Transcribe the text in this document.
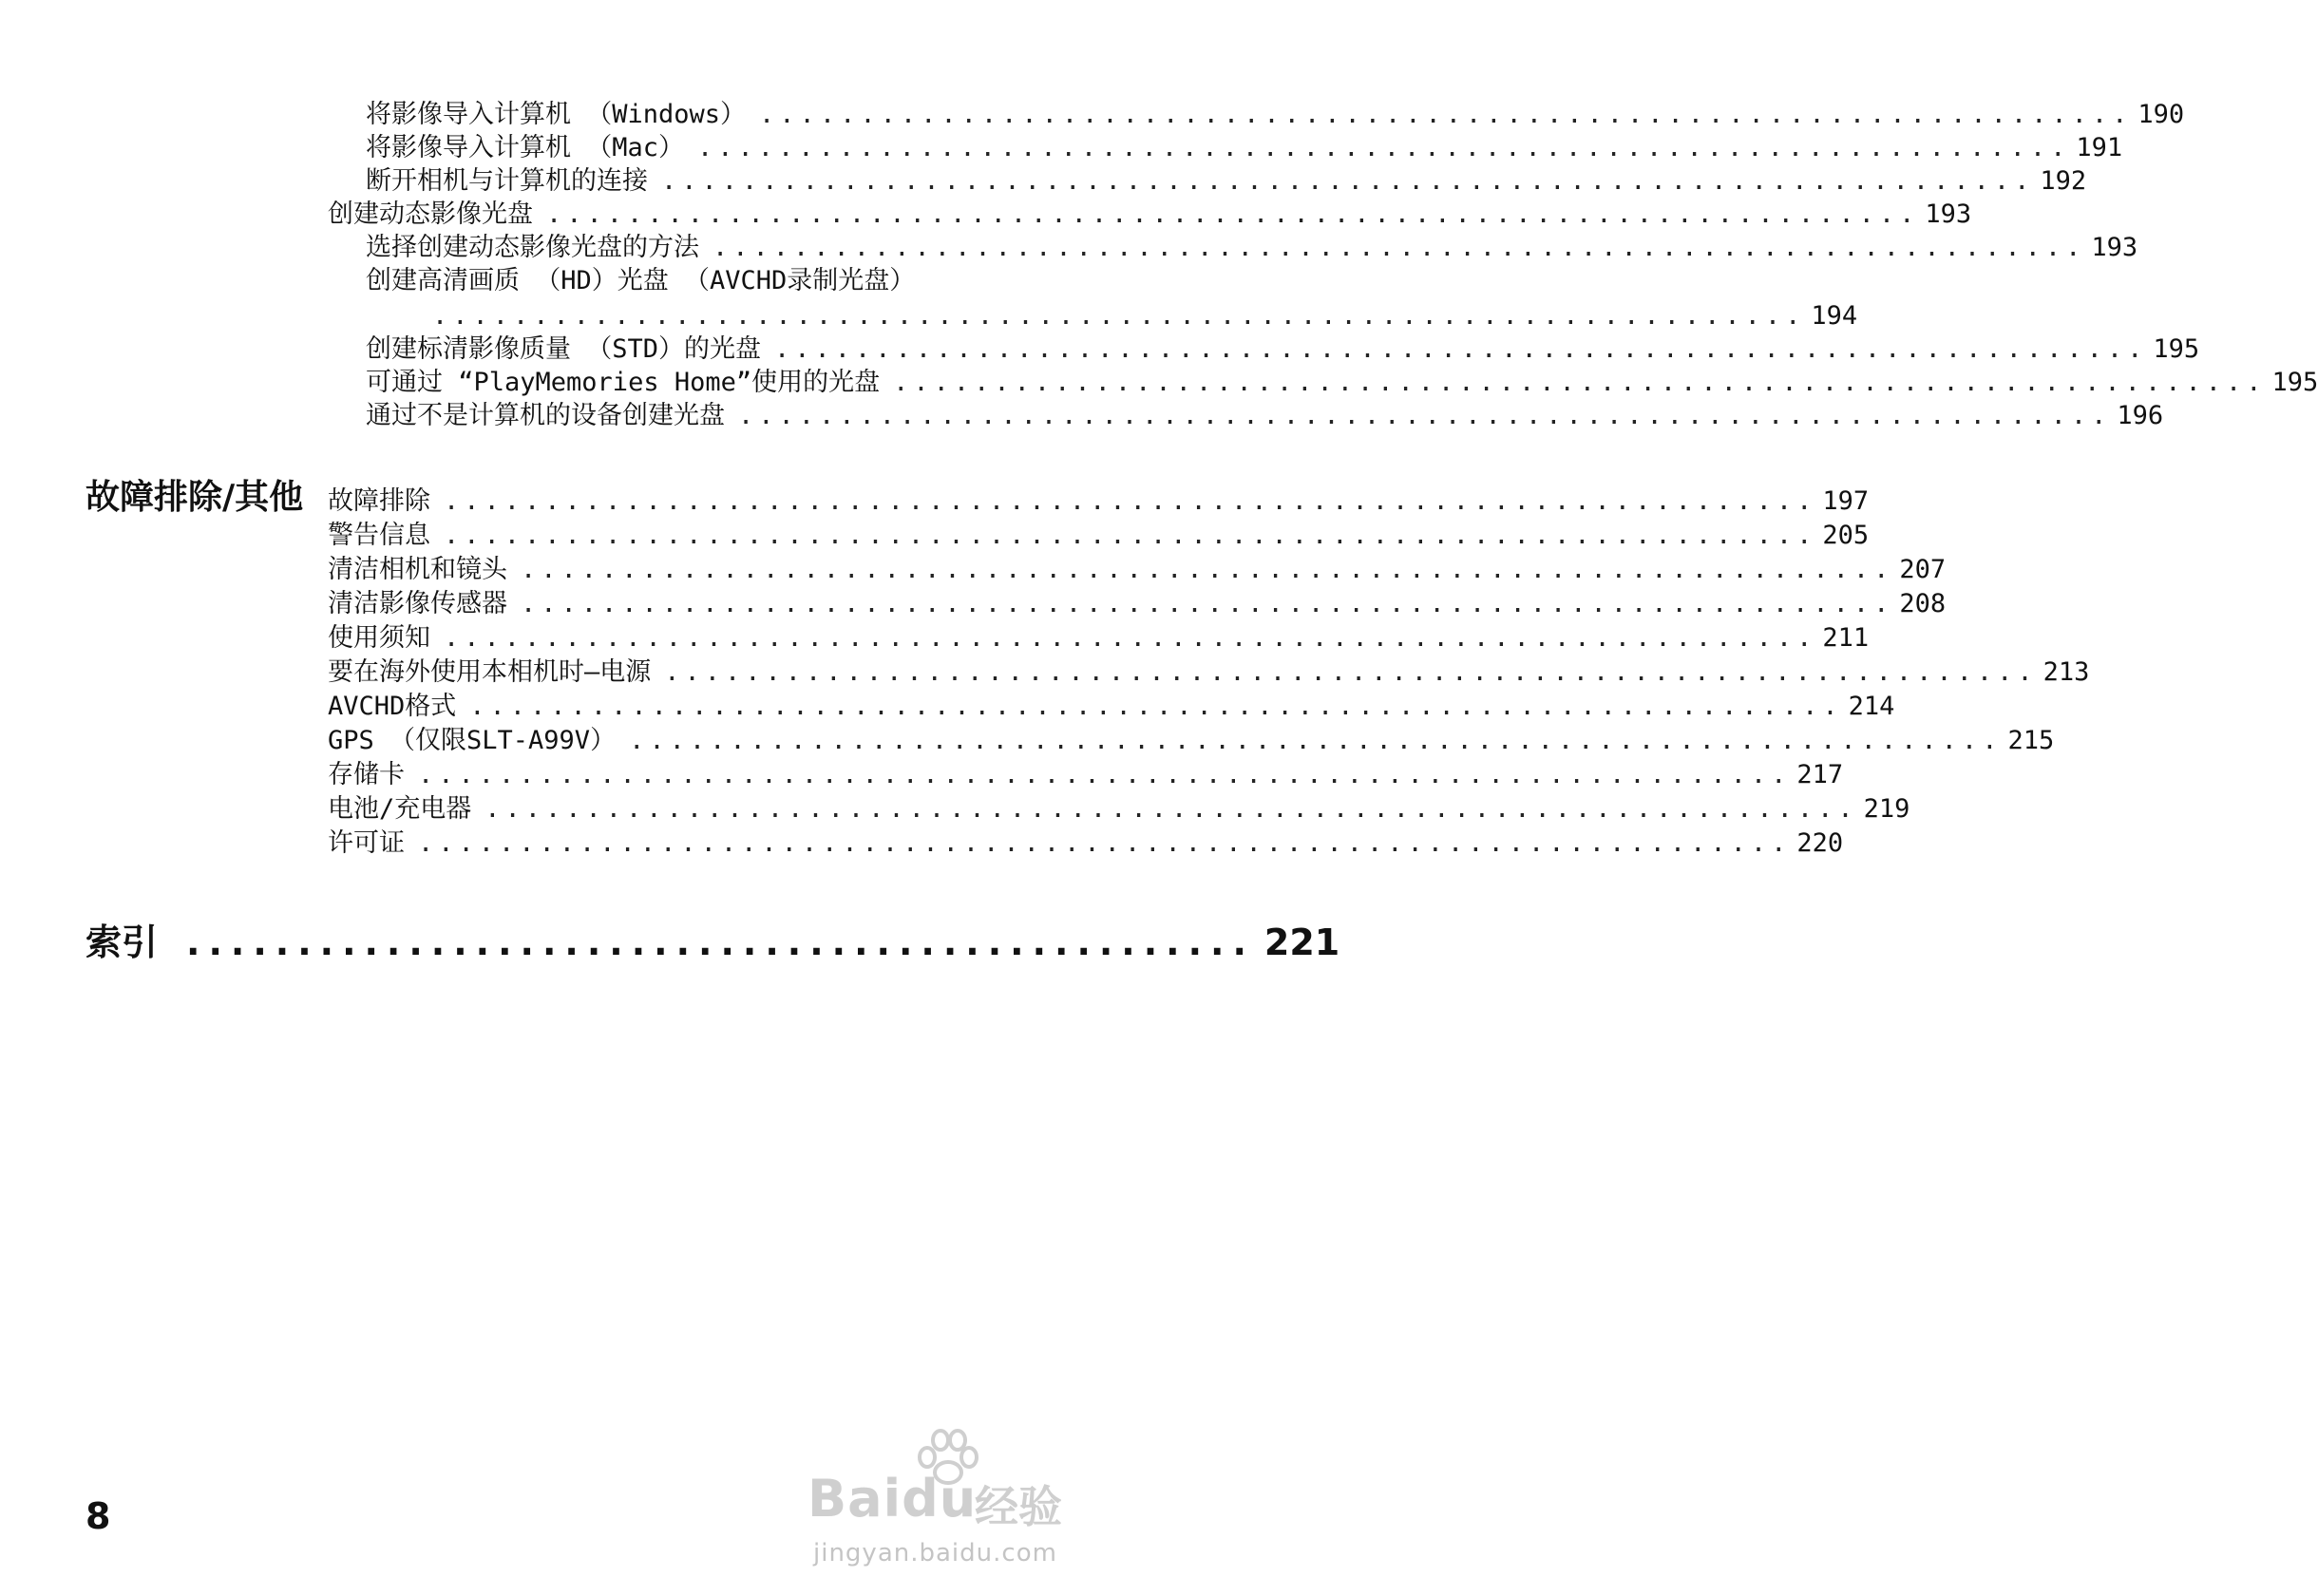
将影像导入计算机 （Windows） .................................................................... 190
将影像导入计算机 （Mac） .................................................................... 191
断开相机与计算机的连接 .................................................................... 192
创建动态影像光盘 .................................................................... 193
选择创建动态影像光盘的方法 .................................................................... 193
创建高清画质 （HD）光盘 （AVCHD录制光盘）
.................................................................... 194
创建标清影像质量 （STD）的光盘 .................................................................... 195
可通过 “PlayMemories Home”使用的光盘 .................................................................... 195
通过不是计算机的设备创建光盘 .................................................................... 196
故障排除/其他 故障排除 .................................................................... 197
警告信息 .................................................................... 205
清洁相机和镜头 .................................................................... 207
清洁影像传感器 .................................................................... 208
使用须知 .................................................................... 211
要在海外使用本相机时—电源 .................................................................... 213
AVCHD格式 .................................................................... 214
GPS （仅限SLT-A99V） .................................................................... 215
存储卡 .................................................................... 217
电池/充电器 .................................................................... 219
许可证 .................................................................... 220
索引 ................................................ 221
8	Baidu
经验
jingyan.baidu.com
